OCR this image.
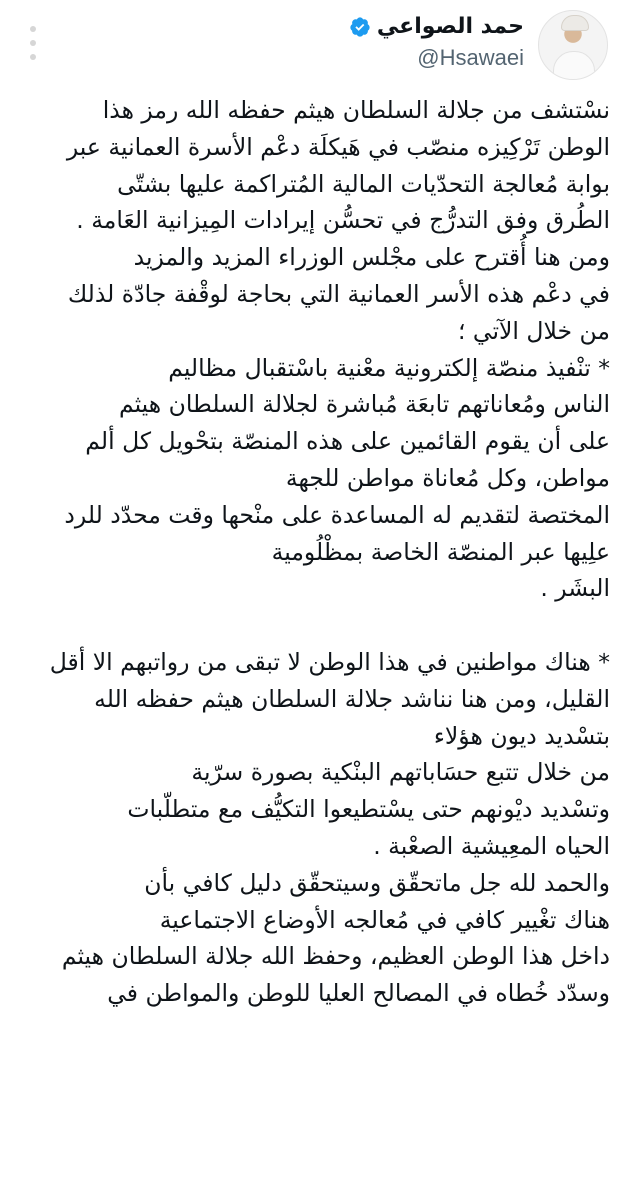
حمد الصواعي
@Hsawaei
نسْتشف من جلالة السلطان هيثم حفظه الله رمز هذا
الوطن تَرْكِيزه منصّب في هَيكلَة دعْم الأسرة العمانية عبر
بوابة مُعالجة التحدّيات المالية المُتراكمة عليها بشتّى
الطُرق وفق التدرُّج في تحسُّن إيرادات المِيزانية العَامة .
ومن هنا أُقترح على مجْلس الوزراء المزيد والمزيد
في دعْم هذه الأسر العمانية التي بحاجة لوقْفة جادّة لذلك
من خلال الآتي ؛
* تنْفيذ منصّة إلكترونية معْنية باسْتقبال مظاليم
الناس ومُعاناتهم تابعَة مُباشرة لجلالة السلطان هيثم
على أن يقوم القائمين على هذه المنصّة بتحْويل كل ألم
مواطن، وكل مُعاناة مواطن للجهة
المختصة لتقديم له المساعدة على منْحها وقت محدّد للرد
علِيها عبر المنصّة الخاصة بمظْلُومية
البشَر .
* هناك مواطنين في هذا الوطن لا تبقى من رواتبهم الا أقل
القليل، ومن هنا نناشد جلالة السلطان هيثم حفظه الله
بتسْديد ديون هؤلاء
من خلال تتبع حسَاباتهم البنْكية بصورة سرّية
وتسْديد ديْونهم حتى يسْتطيعوا التكيُّف مع متطلّبات
الحياه المعِيشية الصعْبة .
والحمد لله جل ماتحقّق وسيتحقّق دليل كافي بأن
هناك تغْيير كافي في مُعالجه الأوضاع الاجتماعية
داخل هذا الوطن العظيم، وحفظ الله جلالة السلطان هيثم
وسدّد خُطاه في المصالح العليا للوطن والمواطن في
